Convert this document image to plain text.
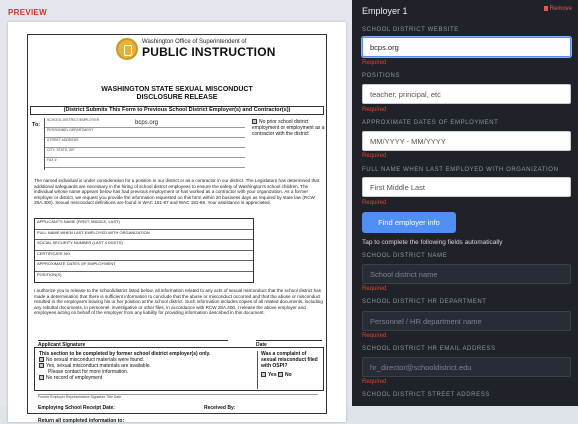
PREVIEW
Washington Office of Superintendent of
PUBLIC INSTRUCTION
WASHINGTON STATE SEXUAL MISCONDUCT
DISCLOSURE RELEASE
(District Submits This Form to Previous School District Employer(s) and Contractor(s))
To:
SCHOOL DISTRICT/EMPLOYER	bcps.org
PERSONNEL DEPARTMENT
STREET ADDRESS
CITY, STATE, ZIP
FAX #
No prior school district employment or employment as a contractor with the district
The named individual is under consideration for a position in our district or as a contractor in our district. The Legislature has determined that additional safeguards are necessary in the hiring of school district employees to ensure the safety of Washington's school children. The individual whose name appears below has had previous employment or has worked as a contractor with your organization. As a former employer or district, we request you provide the information requested on this form within 20 business days as required by state law (RCW 28A.400). Sexual misconduct definitions are found in WAC 181-87 and WAC 181-88. Your assistance is appreciated.
APPLICANT'S NAME (FIRST, MIDDLE, LAST)
FULL NAME WHEN LAST EMPLOYED WITH ORGANIZATION
SOCIAL SECURITY NUMBER (LAST 4 DIGITS)
CERTIFICATE NO.
APPROXIMATE DATES OF EMPLOYMENT
POSITION(S)
I authorize you to release to the school/district listed below, all information related to any acts of sexual misconduct that the school district has made a determination that there is sufficient information to conclude that the abuse or misconduct occurred and that the abuse or misconduct resulted in the employee's leaving his or her position at the school district. Such information includes copies of all related documents, including any rebuttal documents, in personnel, investigative or other files, in accordance with RCW 28A.400. I release the above employer and employees acting on behalf of the employer from any liability for providing information described in this document.
Applicant Signature	Date
This section to be completed by former school district employer(s) only.
No sexual misconduct materials were found.
Yes, sexual misconduct materials are available.
Please contact for more information.
No record of employment
Was a complaint of sexual misconduct filed with OSPI?
Yes No
Former Employer Representative Signature Title Date
Employing School Receipt Date:	Received By:
Return all completed information to:
Employer 1	Remove
SCHOOL DISTRICT WEBSITE
bcps.org
Required
POSITIONS
teacher, principal, etc
Required
APPROXIMATE DATES OF EMPLOYMENT
MM/YYYY - MM/YYYY
Required
FULL NAME WHEN LAST EMPLOYED WITH ORGANIZATION
First Middle Last
Required
Find employer info
Tap to complete the following fields automatically
SCHOOL DISTRICT NAME
School district name
Required
SCHOOL DISTRICT HR DEPARTMENT
Personnel / HR department name
Required
SCHOOL DISTRICT HR EMAIL ADDRESS
hr_director@schooldistrict.edu
Required
SCHOOL DISTRICT STREET ADDRESS
